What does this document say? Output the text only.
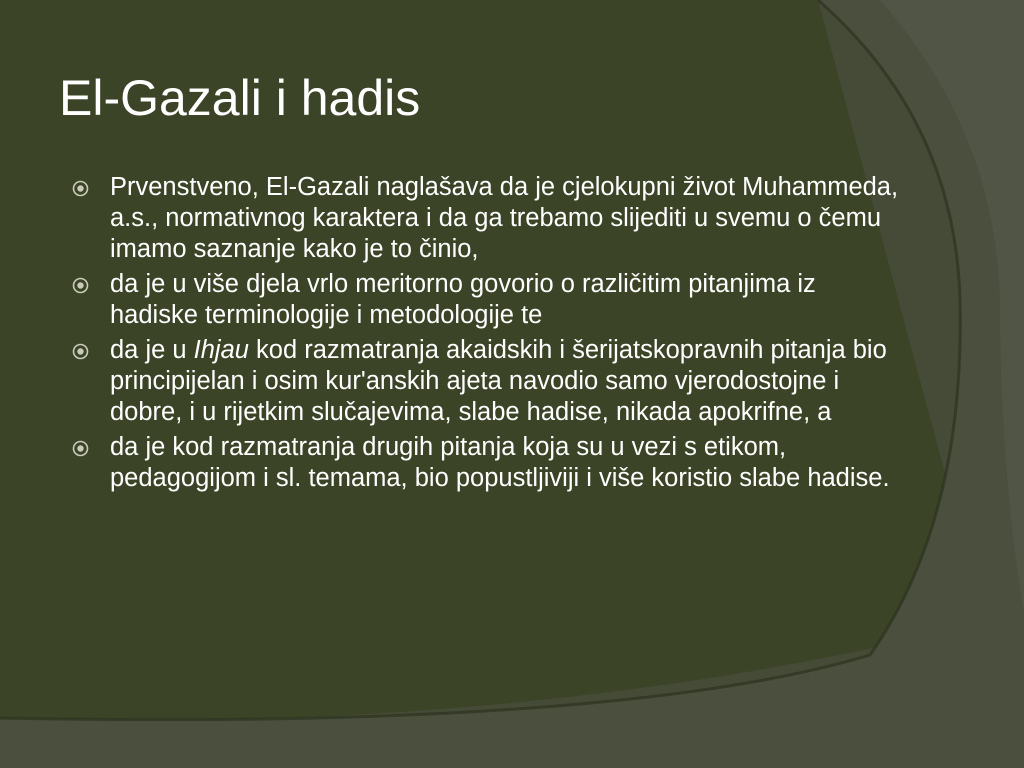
El-Gazali i hadis
Prvenstveno, El-Gazali naglašava da je cjelokupni život Muhammeda, a.s., normativnog karaktera i da ga trebamo slijediti u svemu o čemu imamo saznanje kako je to činio,
da je u više djela vrlo meritorno govorio o različitim pitanjima iz hadiske terminologije i metodologije te
da je u Ihjau kod razmatranja akaidskih i šerijatskopravnih pitanja bio principijelan i osim kur'anskih ajeta navodio samo vjerodostojne i dobre, i u rijetkim slučajevima, slabe hadise, nikada apokrifne, a
da je kod razmatranja drugih pitanja koja su u vezi s etikom, pedagogijom i sl. temama, bio popustljiviji i više koristio slabe hadise.
